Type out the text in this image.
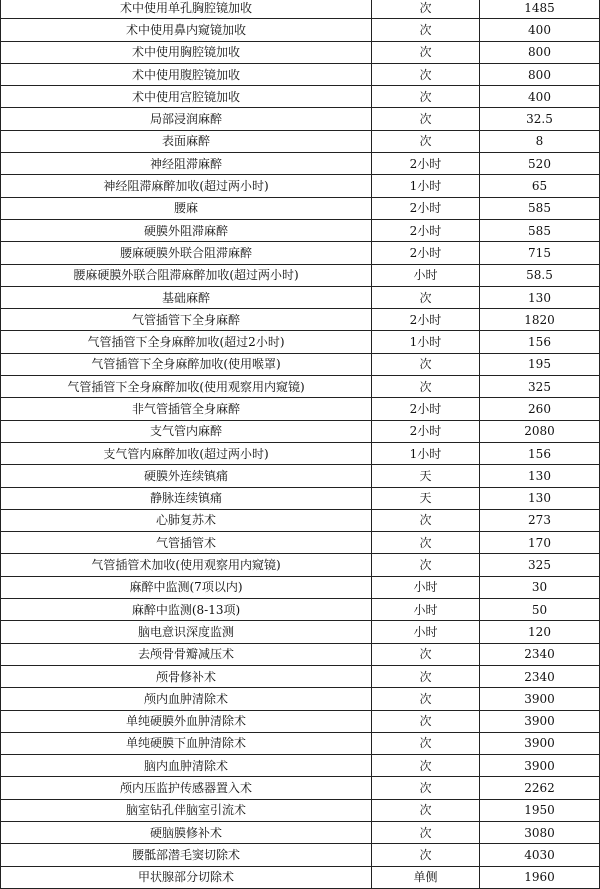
术中使用单孔胸腔镜加收	次	1485
术中使用鼻内窥镜加收	次	400
术中使用胸腔镜加收	次	800
术中使用腹腔镜加收	次	800
术中使用宫腔镜加收	次	400
局部浸润麻醉	次	32.5
表面麻醉	次	8
神经阻滞麻醉	2小时	520
神经阻滞麻醉加收(超过两小时)	1小时	65
腰麻	2小时	585
硬膜外阻滞麻醉	2小时	585
腰麻硬膜外联合阻滞麻醉	2小时	715
腰麻硬膜外联合阻滞麻醉加收(超过两小时)	小时	58.5
基础麻醉	次	130
气管插管下全身麻醉	2小时	1820
气管插管下全身麻醉加收(超过2小时)	1小时	156
气管插管下全身麻醉加收(使用喉罩)	次	195
气管插管下全身麻醉加收(使用观察用内窥镜)	次	325
非气管插管全身麻醉	2小时	260
支气管内麻醉	2小时	2080
支气管内麻醉加收(超过两小时)	1小时	156
硬膜外连续镇痛	天	130
静脉连续镇痛	天	130
心肺复苏术	次	273
气管插管术	次	170
气管插管术加收(使用观察用内窥镜)	次	325
麻醉中监测(7项以内)	小时	30
麻醉中监测(8-13项)	小时	50
脑电意识深度监测	小时	120
去颅骨骨瓣减压术	次	2340
颅骨修补术	次	2340
颅内血肿清除术	次	3900
单纯硬膜外血肿清除术	次	3900
单纯硬膜下血肿清除术	次	3900
脑内血肿清除术	次	3900
颅内压监护传感器置入术	次	2262
脑室钻孔伴脑室引流术	次	1950
硬脑膜修补术	次	3080
腰骶部潜毛窦切除术	次	4030
甲状腺部分切除术	单侧	1960
